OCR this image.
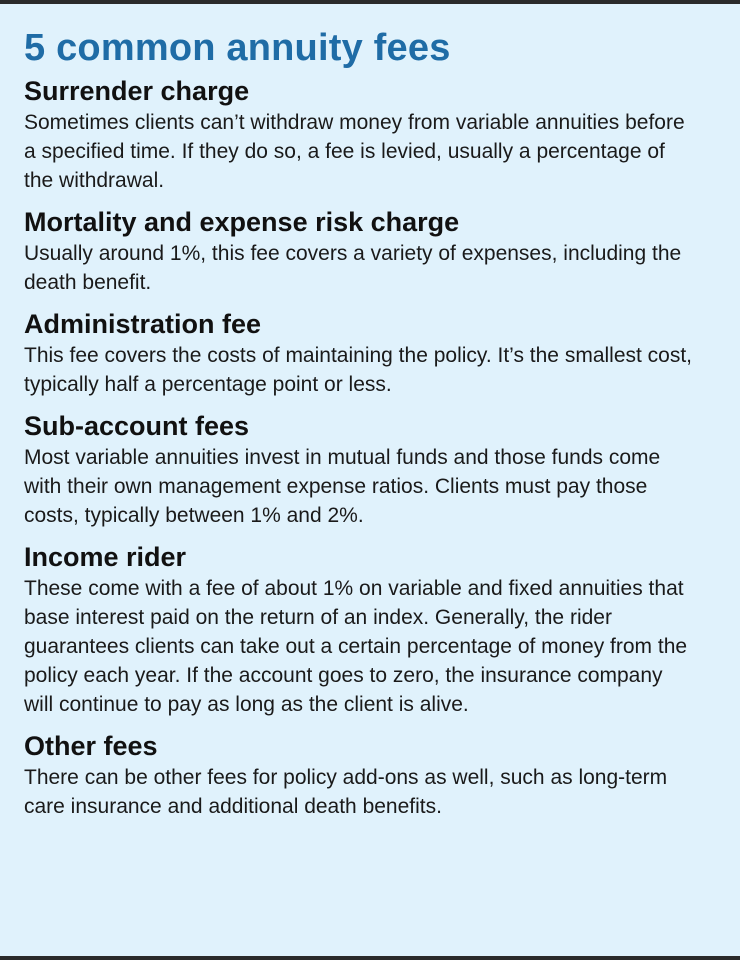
5 common annuity fees
Surrender charge

Sometimes clients can’t withdraw money from variable annuities before a specified time. If they do so, a fee is levied, usually a percentage of the withdrawal.

Mortality and expense risk charge

Usually around 1%, this fee covers a variety of expenses, including the death benefit.

Administration fee

This fee covers the costs of maintaining the policy. It’s the smallest cost, typically half a percentage point or less.

Sub-account fees

Most variable annuities invest in mutual funds and those funds come with their own management expense ratios. Clients must pay those costs, typically between 1% and 2%.

Income rider

These come with a fee of about 1% on variable and fixed annuities that base interest paid on the return of an index. Generally, the rider guarantees clients can take out a certain percentage of money from the policy each year. If the account goes to zero, the insurance company will continue to pay as long as the client is alive.

Other fees

There can be other fees for policy add-ons as well, such as long-term care insurance and additional death benefits.
